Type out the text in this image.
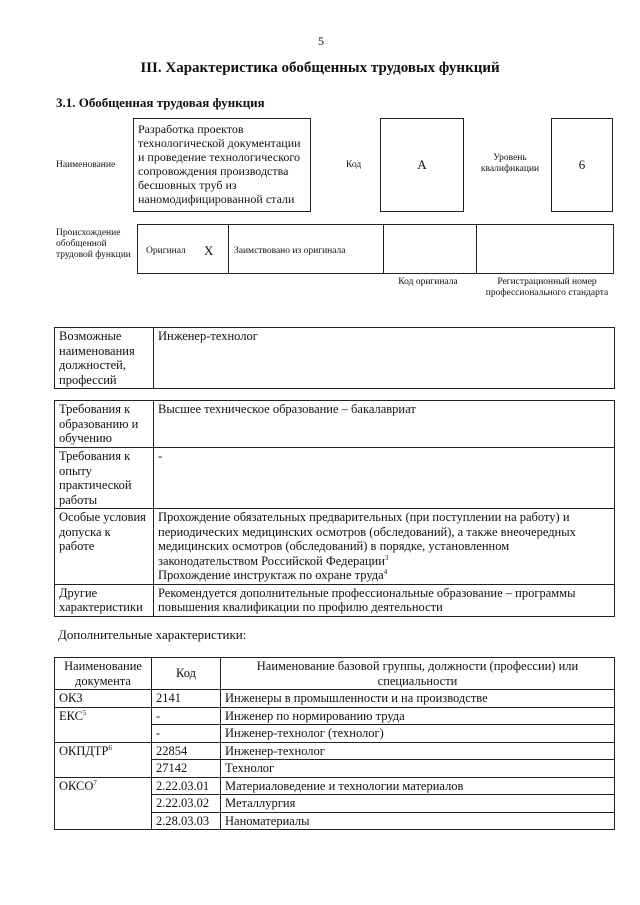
5
III. Характеристика обобщенных трудовых функций
3.1. Обобщенная трудовая функция
Наименование
Разработка проектов технологической документации и проведение технологического сопровождения производства бесшовных труб из наномодифицированной стали
Код	A	Уровень квалификации	6
Происхождение обобщенной трудовой функции	Оригинал X Заимствовано из оригинала
Код оригинала	Регистрационный номер профессионального стандарта
Возможные наименования должностей, профессий	Инженер-технолог
Требования к образованию и обучению	Высшее техническое образование – бакалавриат
Требования к опыту практической работы	-
Особые условия допуска к работе	Прохождение обязательных предварительных (при поступлении на работу) и периодических медицинских осмотров (обследований), а также внеочередных медицинских осмотров (обследований) в порядке, установленном законодательством Российской Федерации$^3$
Прохождение инструктаж по охране труда$^4$
Другие характеристики	Рекомендуется дополнительные профессиональные образование – программы повышения квалификации по профилю деятельности
Дополнительные характеристики:
Наименование документа	Код	Наименование базовой группы, должности (профессии) или специальности
ОКЗ	2141	Инженеры в промышленности и на производстве
ЕКС$^5$	-	Инженер по нормированию труда
	-	Инженер-технолог (технолог)
ОКПДТР$^6$	22854	Инженер-технолог
	27142	Технолог
ОКСО$^7$	2.22.03.01	Материаловедение и технологии материалов
	2.22.03.02	Металлургия
	2.28.03.03	Наноматериалы
